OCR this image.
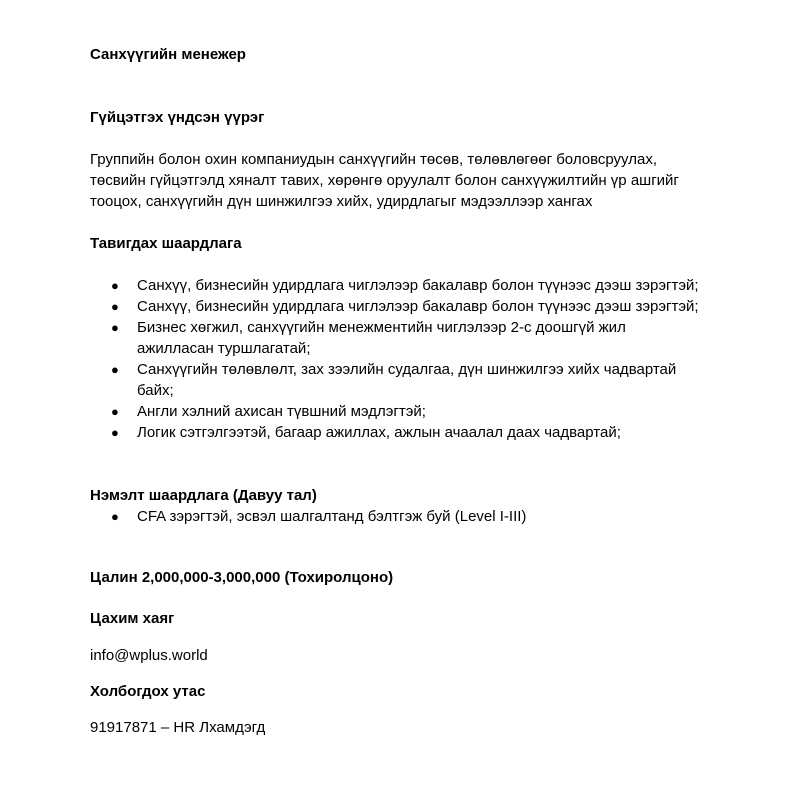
Санхүүгийн менежер

Гүйцэтгэх үндсэн үүрэг

Группийн болон охин компаниудын санхүүгийн төсөв, төлөвлөгөөг боловсруулах, төсвийн гүйцэтгэлд хяналт тавих, хөрөнгө оруулалт болон санхүүжилтийн үр ашгийг тооцох, санхүүгийн дүн шинжилгээ хийх, удирдлагыг мэдээллээр хангах

Тавигдах шаардлага

● Санхүү, бизнесийн удирдлага чиглэлээр бакалавр болон түүнээс дээш зэрэгтэй;
● Санхүү, бизнесийн удирдлага чиглэлээр бакалавр болон түүнээс дээш зэрэгтэй;
● Бизнес хөгжил, санхүүгийн менежментийн чиглэлээр 2-с доошгүй жил ажилласан туршлагатай;
● Санхүүгийн төлөвлөлт, зах зээлийн судалгаа, дүн шинжилгээ хийх чадвартай байх;
● Англи хэлний ахисан түвшний мэдлэгтэй;
● Логик сэтгэлгээтэй, багаар ажиллах, ажлын ачаалал даах чадвартай;

Нэмэлт шаардлага (Давуу тал)

● CFA зэрэгтэй, эсвэл шалгалтанд бэлтгэж буй (Level I-III)

Цалин 2,000,000-3,000,000 (Тохиролцоно)

Цахим хаяг

info@wplus.world

Холбогдох утас

91917871 – HR Лхамдэгд
